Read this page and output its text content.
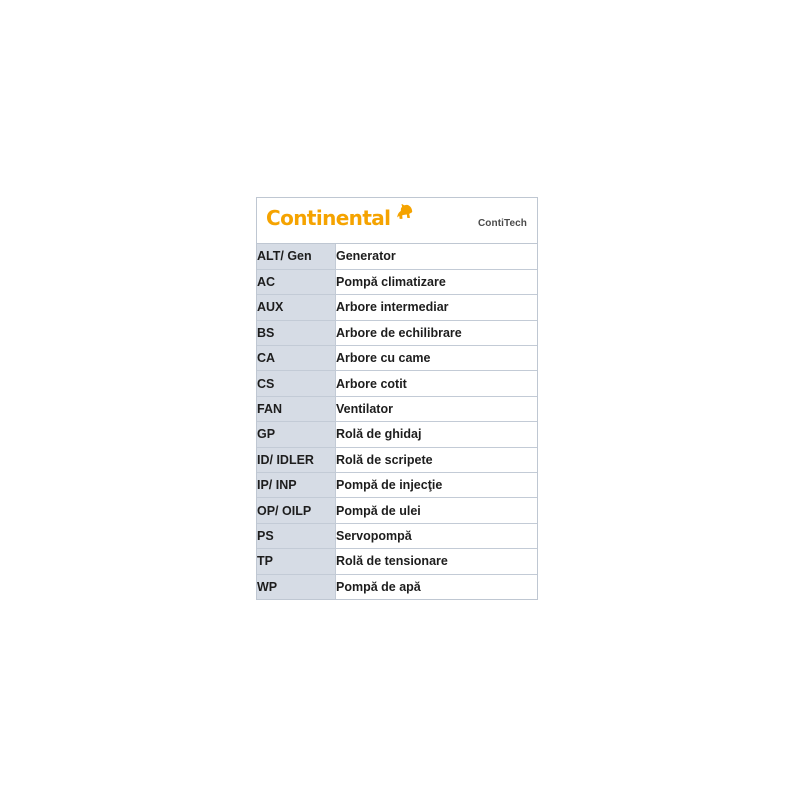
Continental	ContiTech
ALT/ Gen	Generator
AC	Pompă climatizare
AUX	Arbore intermediar
BS	Arbore de echilibrare
CA	Arbore cu came
CS	Arbore cotit
FAN	Ventilator
GP	Rolă de ghidaj
ID/ IDLER	Rolă de scripete
IP/ INP	Pompă de injecţie
OP/ OILP	Pompă de ulei
PS	Servopompă
TP	Rolă de tensionare
WP	Pompă de apă
